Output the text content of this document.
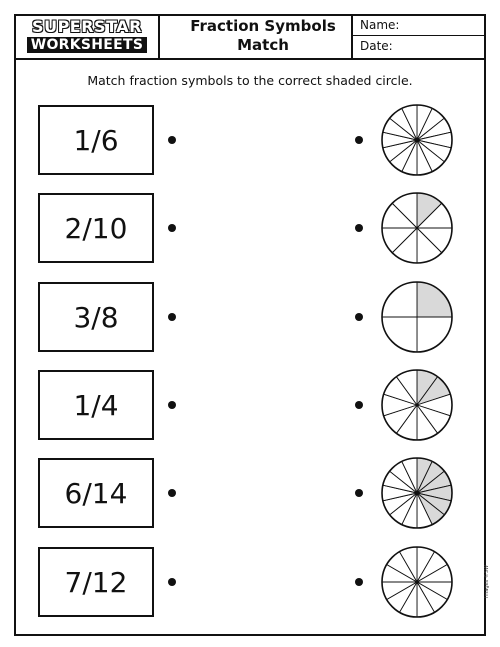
SUPERSTAR
WORKSHEETS
Fraction Symbols
Match
Name:
Date:
Match fraction symbols to the correct shaded circle.
1/6
2/10
3/8
1/4
6/14
7/12	Images ©SW
